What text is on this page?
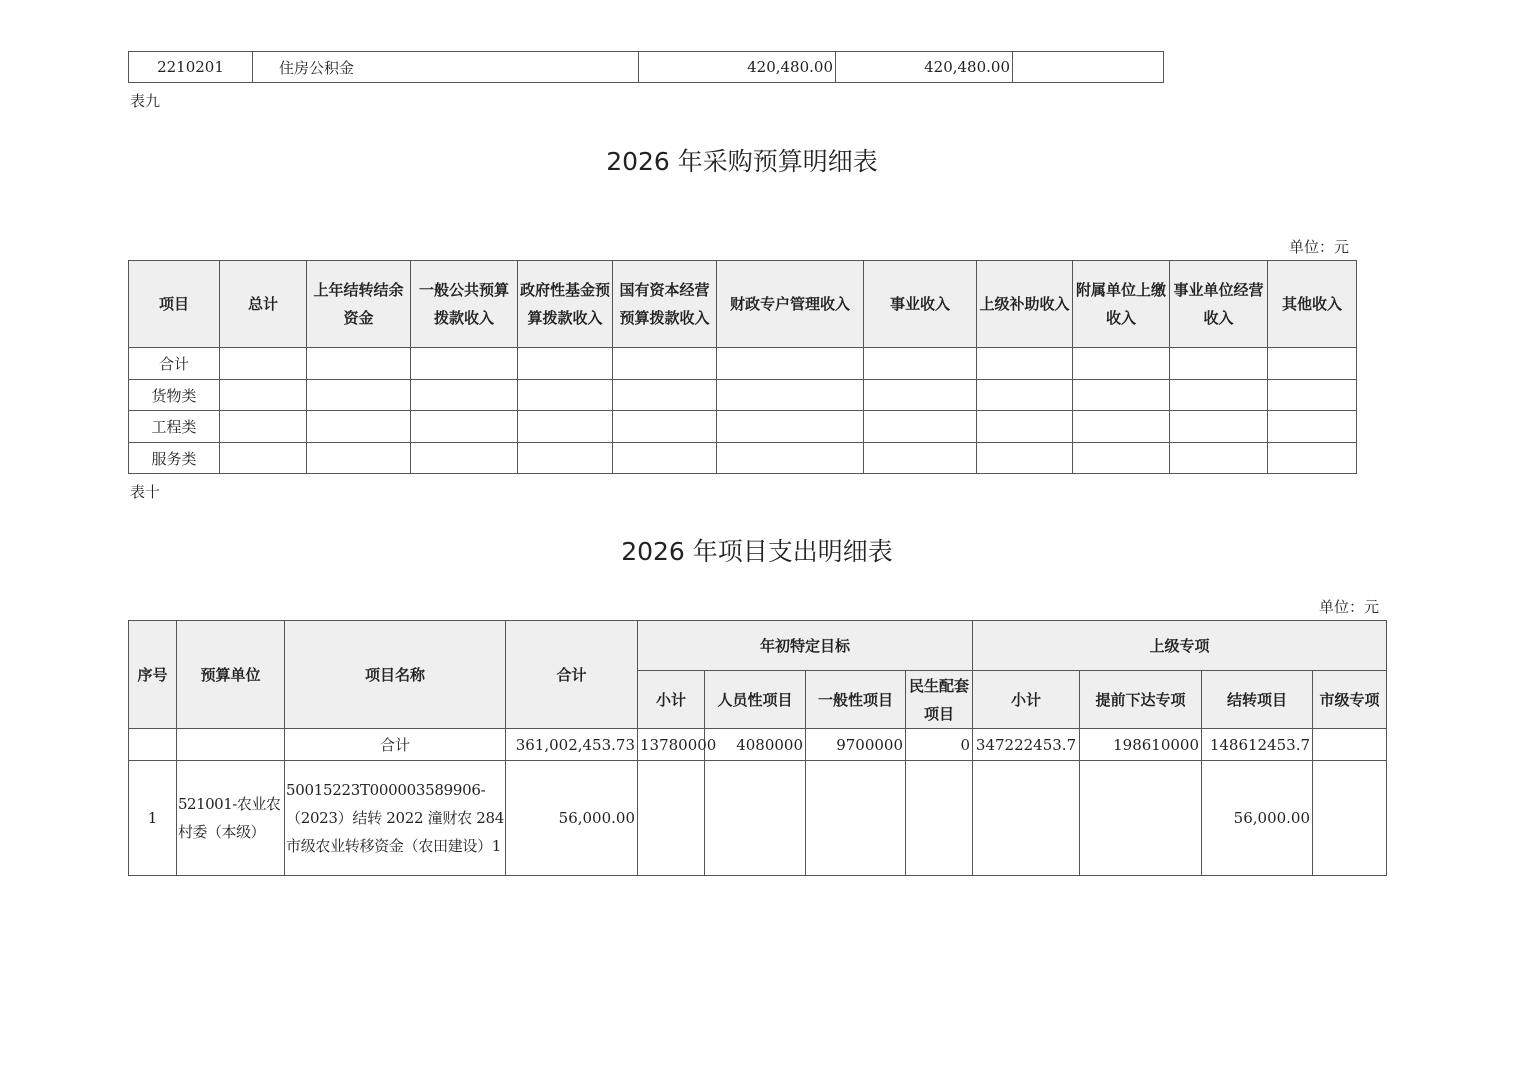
2210201	住房公积金	420,480.00	420,480.00	
表九
2026 年采购预算明细表
单位：元
项目	总计	上年结转结余资金	一般公共预算拨款收入	政府性基金预算拨款收入	国有资本经营预算拨款收入	财政专户管理收入	事业收入	上级补助收入	附属单位上缴收入	事业单位经营收入	其他收入
合计											
货物类											
工程类											
服务类											
表十
2026 年项目支出明细表
单位：元
序号	预算单位	项目名称	合计	年初特定目标				上级专项			
				小计	人员性项目	一般性项目	民生配套项目	小计	提前下达专项	结转项目	市级专项
		合计	361,002,453.73	13780000	4080000	9700000	0	347222453.7	198610000	148612453.7	
1	521001-农业农村委（本级）	50015223T000003589906-（2023）结转 2022 潼财农 284 市级农业转移资金（农田建设）1	56,000.00							56,000.00	
